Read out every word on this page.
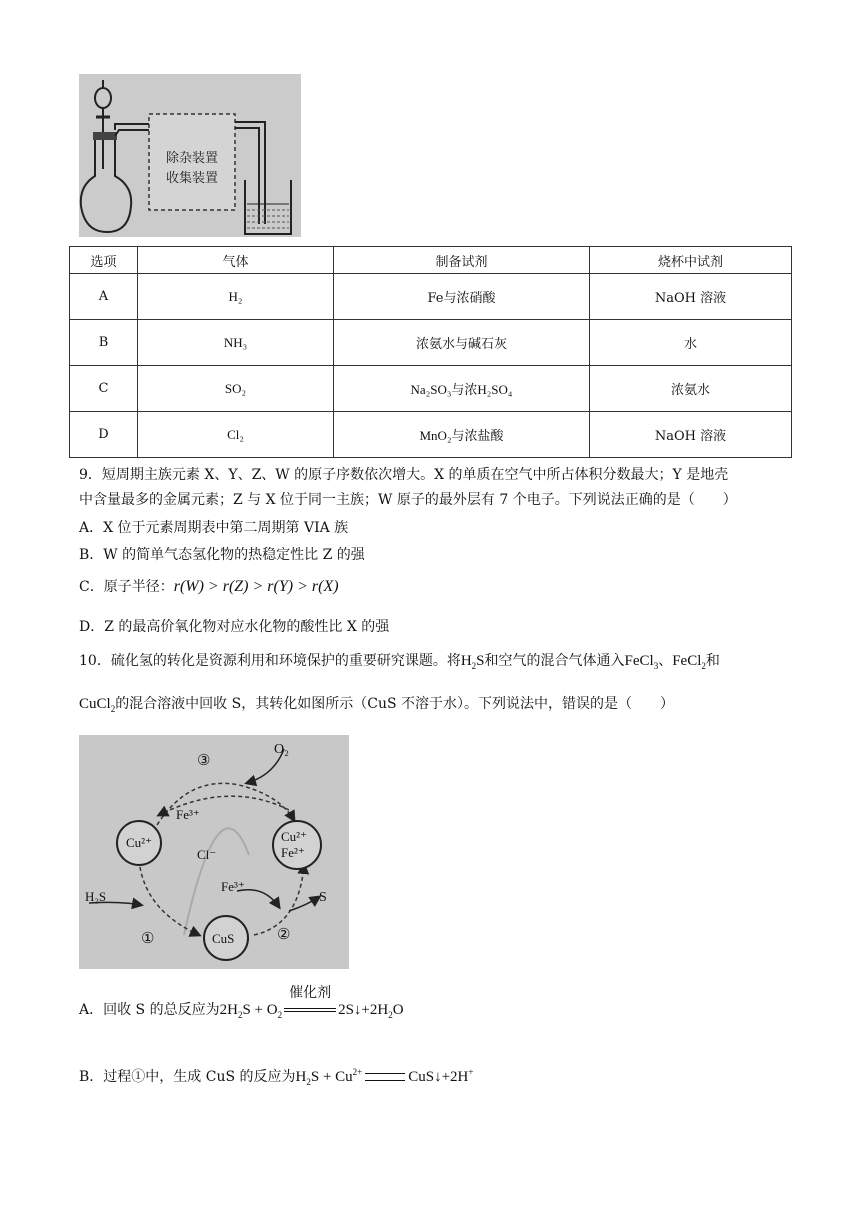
除杂装置
收集装置
选项	气体	制备试剂	烧杯中试剂
A	H₂	Fe与浓硝酸	NaOH 溶液
B	NH₃	浓氨水与碱石灰	水
C	SO₂	Na₂SO₃与浓H₂SO₄	浓氨水
D	Cl₂	MnO₂与浓盐酸	NaOH 溶液
9．短周期主族元素 X、Y、Z、W 的原子序数依次增大。X 的单质在空气中所占体积分数最大；Y 是地壳
中含量最多的金属元素；Z 与 X 位于同一主族；W 原子的最外层有 7 个电子。下列说法正确的是（　　）
A．X 位于元素周期表中第二周期第 VIA 族
B．W 的简单气态氢化物的热稳定性比 Z 的强
C．原子半径：r(W) > r(Z) > r(Y) > r(X)
D．Z 的最高价氧化物对应水化物的酸性比 X 的强
10．硫化氢的转化是资源利用和环境保护的重要研究课题。将$H_2S$和空气的混合气体通入FeCl$_3$、FeCl$_2$和
CuCl$_2$的混合溶液中回收 S，其转化如图所示（CuS 不溶于水）。下列说法中，错误的是（　　）
③
O₂
Fe³⁺
Cu²⁺	Cu²⁺
Fe²⁺
Cl⁻
H₂S
Fe³⁺
S
①	②
CuS
A．回收 S 的总反应为$2H_2S + O_2$
催化剂
$2S↓+2H_2O$
B．过程①中，生成 CuS 的反应为$H_2S + Cu^{2+}$	CuS↓+2H+
